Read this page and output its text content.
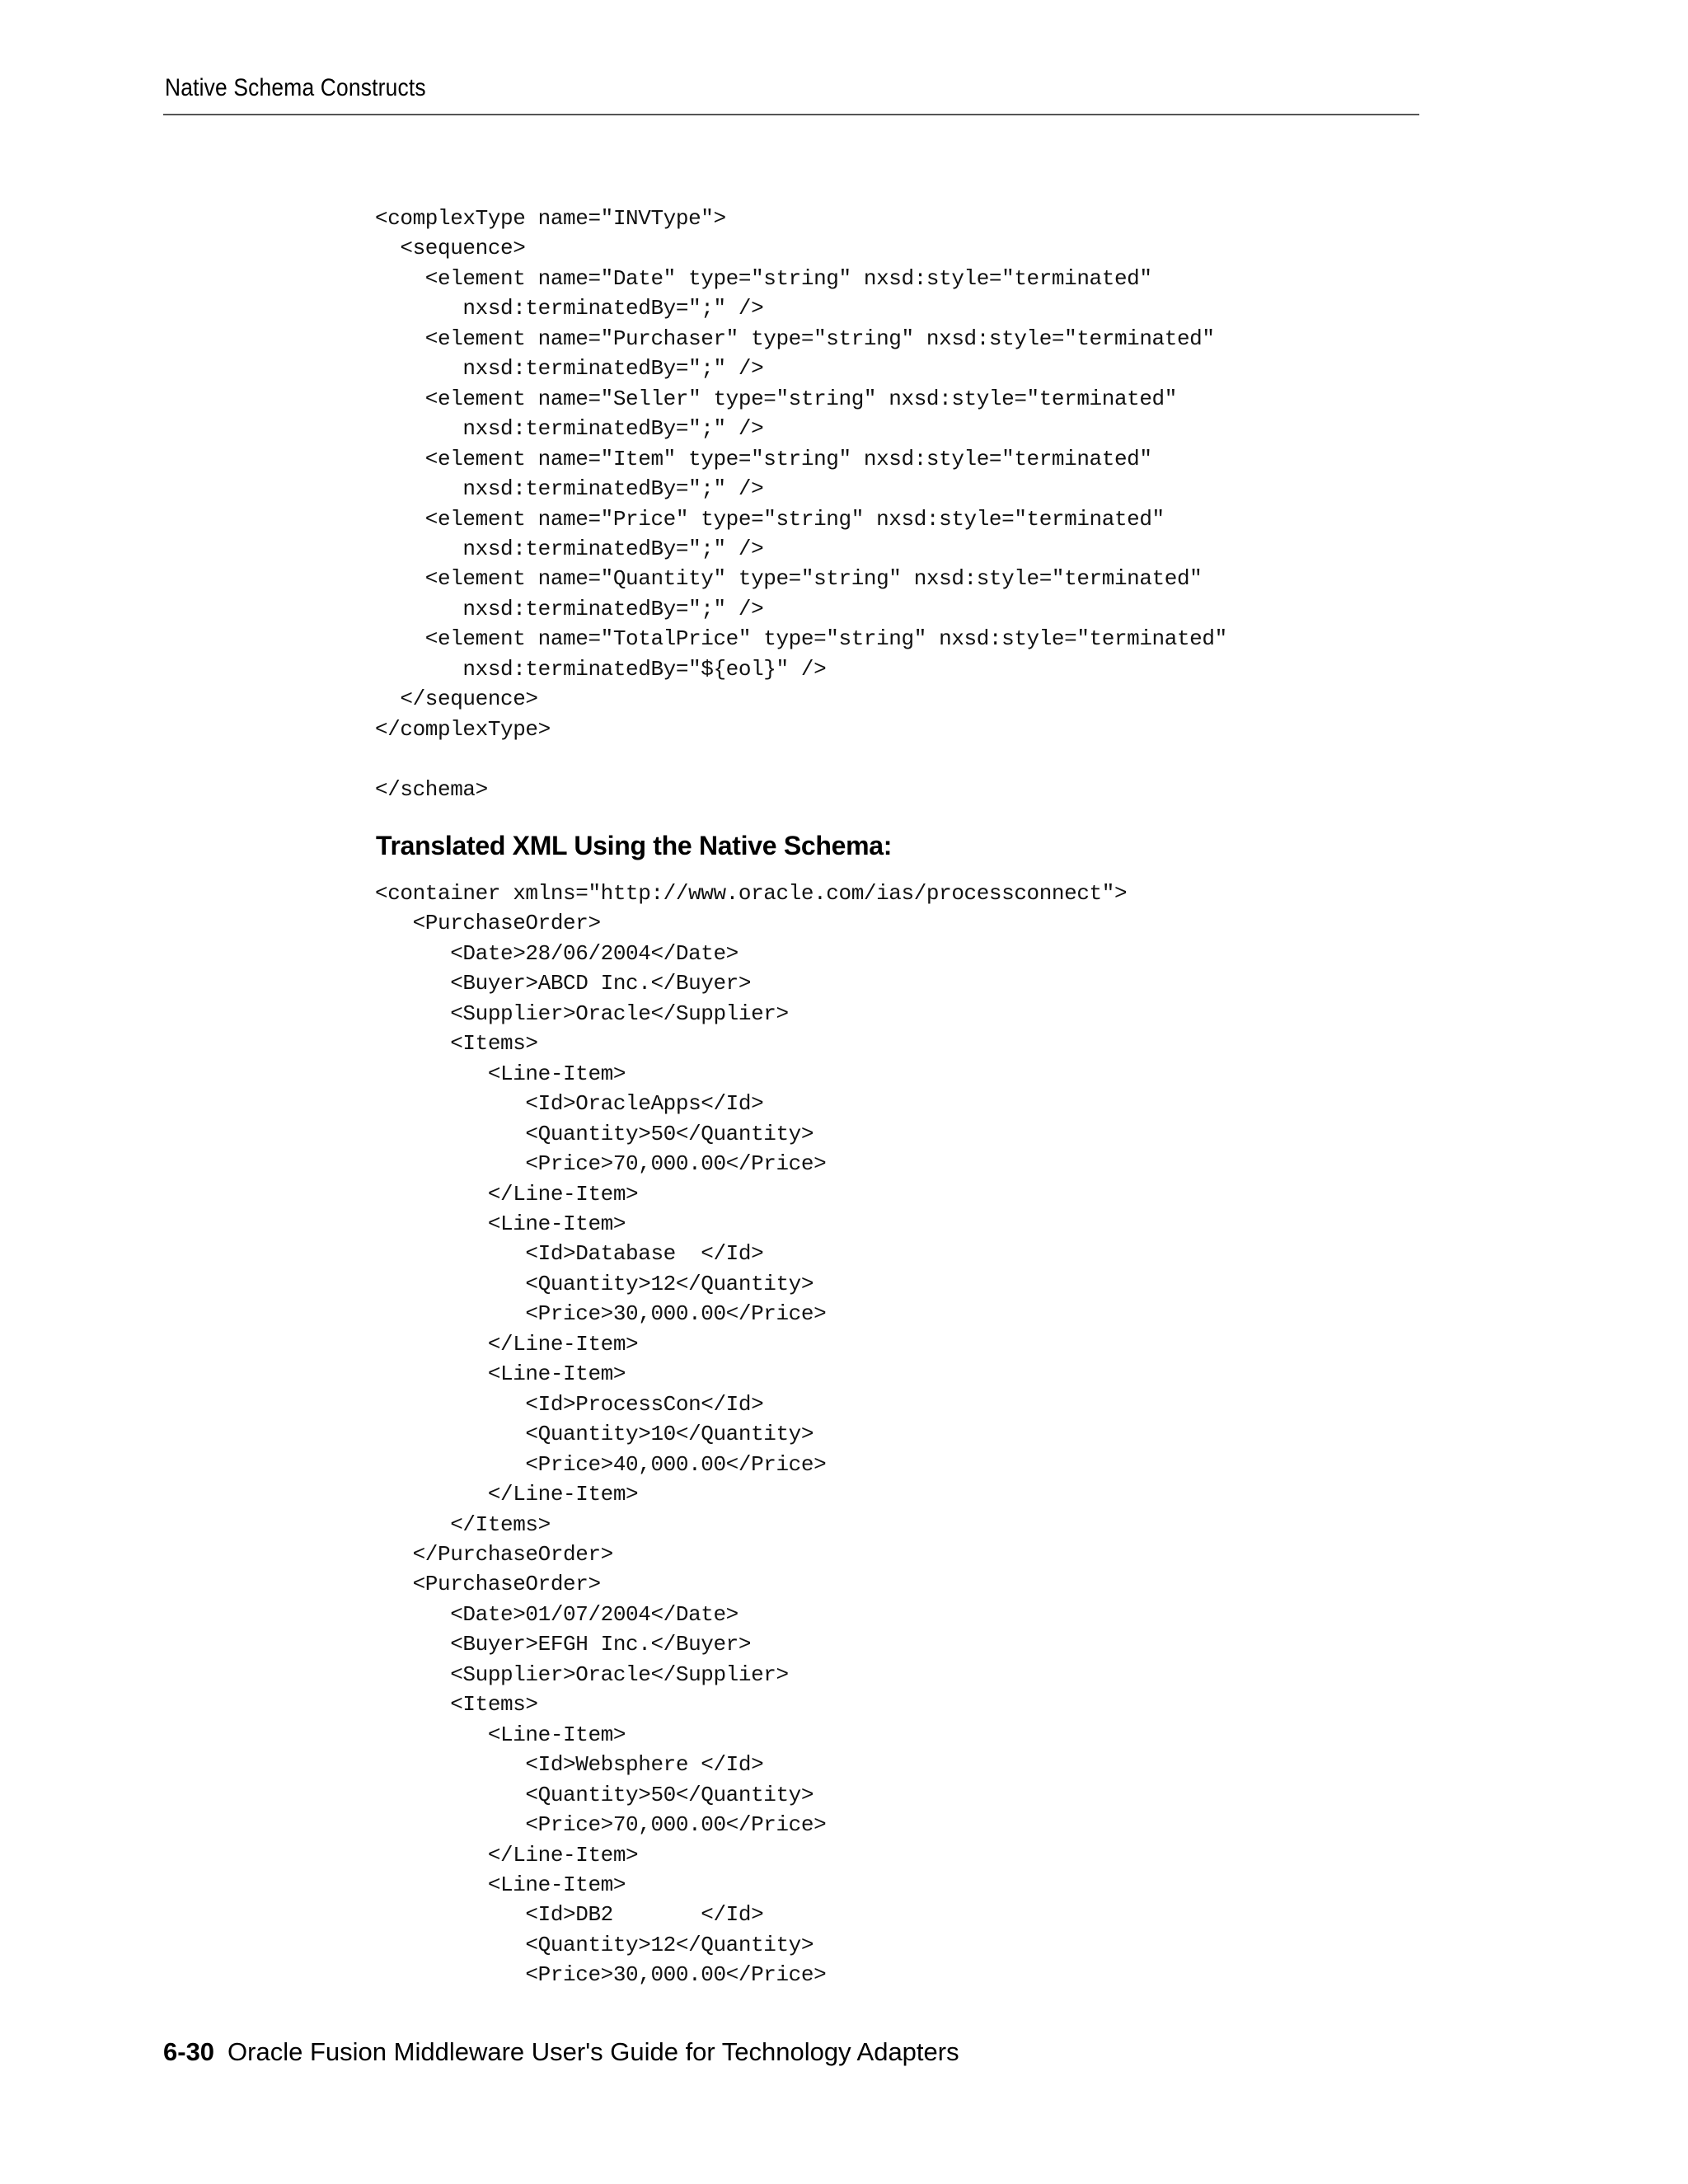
Native Schema Constructs
<complexType name="INVType">
<sequence>
<element name="Date" type="string" nxsd:style="terminated"
nxsd:terminatedBy=";" />
<element name="Purchaser" type="string" nxsd:style="terminated"
nxsd:terminatedBy=";" />
<element name="Seller" type="string" nxsd:style="terminated"
nxsd:terminatedBy=";" />
<element name="Item" type="string" nxsd:style="terminated"
nxsd:terminatedBy=";" />
<element name="Price" type="string" nxsd:style="terminated"
nxsd:terminatedBy=";" />
<element name="Quantity" type="string" nxsd:style="terminated"
nxsd:terminatedBy=";" />
<element name="TotalPrice" type="string" nxsd:style="terminated"
nxsd:terminatedBy="${eol}" />
</sequence>
</complexType>

</schema>
Translated XML Using the Native Schema:
<container xmlns="http://www.oracle.com/ias/processconnect">
<PurchaseOrder>
<Date>28/06/2004</Date>
<Buyer>ABCD Inc.</Buyer>
<Supplier>Oracle</Supplier>
<Items>
<Line-Item>
<Id>OracleApps</Id>
<Quantity>50</Quantity>
<Price>70,000.00</Price>
</Line-Item>
<Line-Item>
<Id>Database  </Id>
<Quantity>12</Quantity>
<Price>30,000.00</Price>
</Line-Item>
<Line-Item>
<Id>ProcessCon</Id>
<Quantity>10</Quantity>
<Price>40,000.00</Price>
</Line-Item>
</Items>
</PurchaseOrder>
<PurchaseOrder>
<Date>01/07/2004</Date>
<Buyer>EFGH Inc.</Buyer>
<Supplier>Oracle</Supplier>
<Items>
<Line-Item>
<Id>Websphere </Id>
<Quantity>50</Quantity>
<Price>70,000.00</Price>
</Line-Item>
<Line-Item>
<Id>DB2       </Id>
<Quantity>12</Quantity>
<Price>30,000.00</Price>
6-30 Oracle Fusion Middleware User's Guide for Technology Adapters
